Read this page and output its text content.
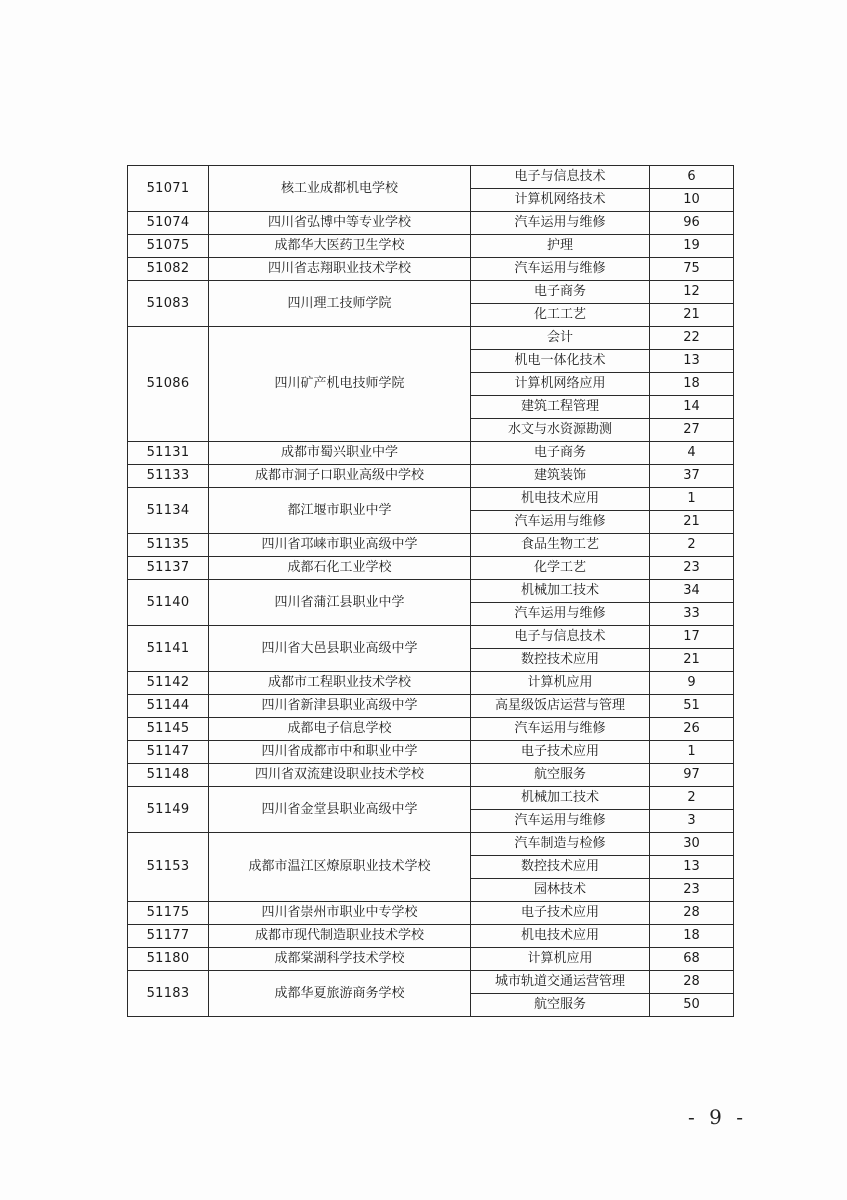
51071	核工业成都机电学校	电子与信息技术	6
		计算机网络技术	10
51074	四川省弘博中等专业学校	汽车运用与维修	96
51075	成都华大医药卫生学校	护理	19
51082	四川省志翔职业技术学校	汽车运用与维修	75
51083	四川理工技师学院	电子商务	12
		化工工艺	21
51086	四川矿产机电技师学院	会计	22
		机电一体化技术	13
		计算机网络应用	18
		建筑工程管理	14
		水文与水资源勘测	27
51131	成都市蜀兴职业中学	电子商务	4
51133	成都市洞子口职业高级中学校	建筑装饰	37
51134	都江堰市职业中学	机电技术应用	1
		汽车运用与维修	21
51135	四川省邛崃市职业高级中学	食品生物工艺	2
51137	成都石化工业学校	化学工艺	23
51140	四川省蒲江县职业中学	机械加工技术	34
		汽车运用与维修	33
51141	四川省大邑县职业高级中学	电子与信息技术	17
		数控技术应用	21
51142	成都市工程职业技术学校	计算机应用	9
51144	四川省新津县职业高级中学	高星级饭店运营与管理	51
51145	成都电子信息学校	汽车运用与维修	26
51147	四川省成都市中和职业中学	电子技术应用	1
51148	四川省双流建设职业技术学校	航空服务	97
51149	四川省金堂县职业高级中学	机械加工技术	2
		汽车运用与维修	3
51153	成都市温江区燎原职业技术学校	汽车制造与检修	30
		数控技术应用	13
		园林技术	23
51175	四川省崇州市职业中专学校	电子技术应用	28
51177	成都市现代制造职业技术学校	机电技术应用	18
51180	成都棠湖科学技术学校	计算机应用	68
51183	成都华夏旅游商务学校	城市轨道交通运营管理	28
		航空服务	50
- 9 -
